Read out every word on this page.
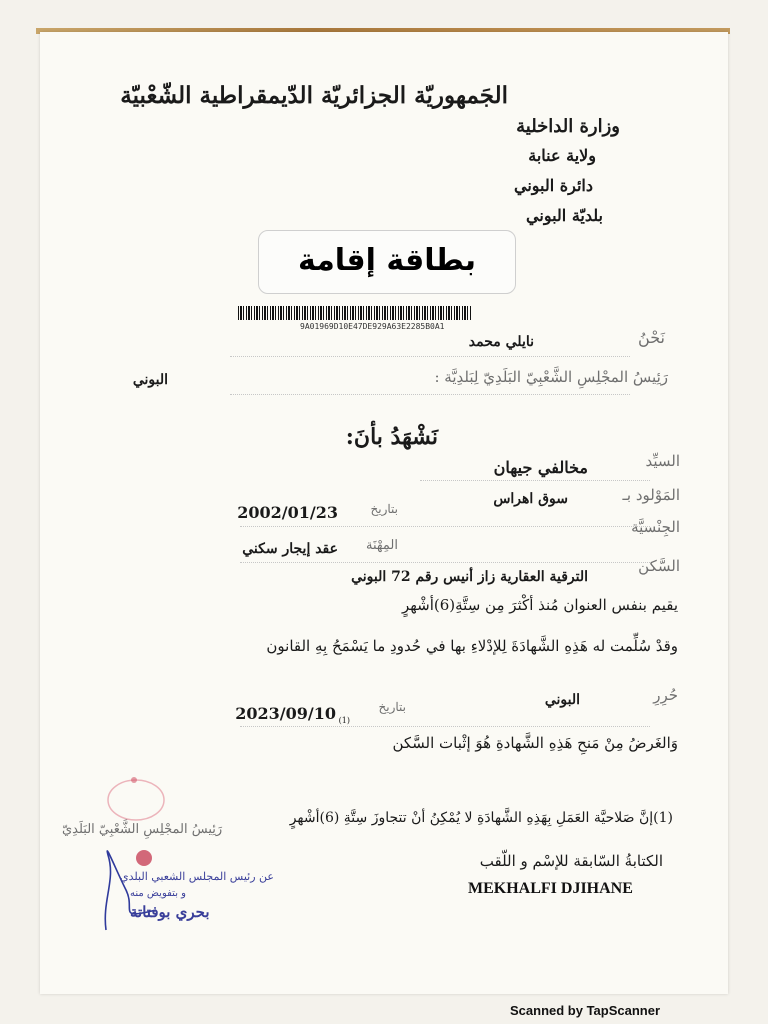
الجَمهوريّة الجزائريّة الدّيمقراطية الشّعْبيّة
وزارة الداخلية
ولاية عنابة
دائرة البوني
بلديّة البوني
بطاقة إقامة
9A01969D10E47DE929A63E2285B0A1
نَحْنُ
نايلي محمد
رَئِيسُ المجْلِسِ الشَّعْبِيّ البَلَدِيّ لِبَلدِيَّة :
البوني
نَشْهَدُ بأنَ:
السيِّد
مخالفي جيهان
المَوْلود بـ
سوق اهراس
بتاريخ
2002/01/23
الجِنْسيَّة
المِهْنَة
عقد إيجار سكني
السَّكن
الترقية العقارية زاز أنيس رقم 72 البوني
يقيم بنفس العنوان مُنذ أكْثرَ مِن سِتَّةِ(6)أشْهرٍ
وقدْ سُلِّمت له هَذِهِ الشَّهادَةَ لِلإدْلاءِ بها في حُدودِ ما يَسْمَحُ بِهِ القانون
حُرِرِ
البوني
بتاريخ
2023/09/10 (1)
وَالغَرضُ مِنْ مَنحِ هَذِهِ الشَّهادةِ هُوَ إثْبات السَّكن
(1)إنَّ صَلاحيَّة العَمَلِ بِهَذِهِ الشَّهادَةِ لا يُمْكِنُ أنْ تتجاوزَ سِتَّةِ (6)أشْهرٍ
رَئِيسُ المجْلِسِ الشَّعْبِيّ البَلَدِيّ
عن رئيس المجلس الشعبي البلدي
و بتفويض منه
بحري بوفتاتة
الكتابةُ السّابقة للإسْم و اللّقب
MEKHALFI DJIHANE
Scanned by TapScanner
